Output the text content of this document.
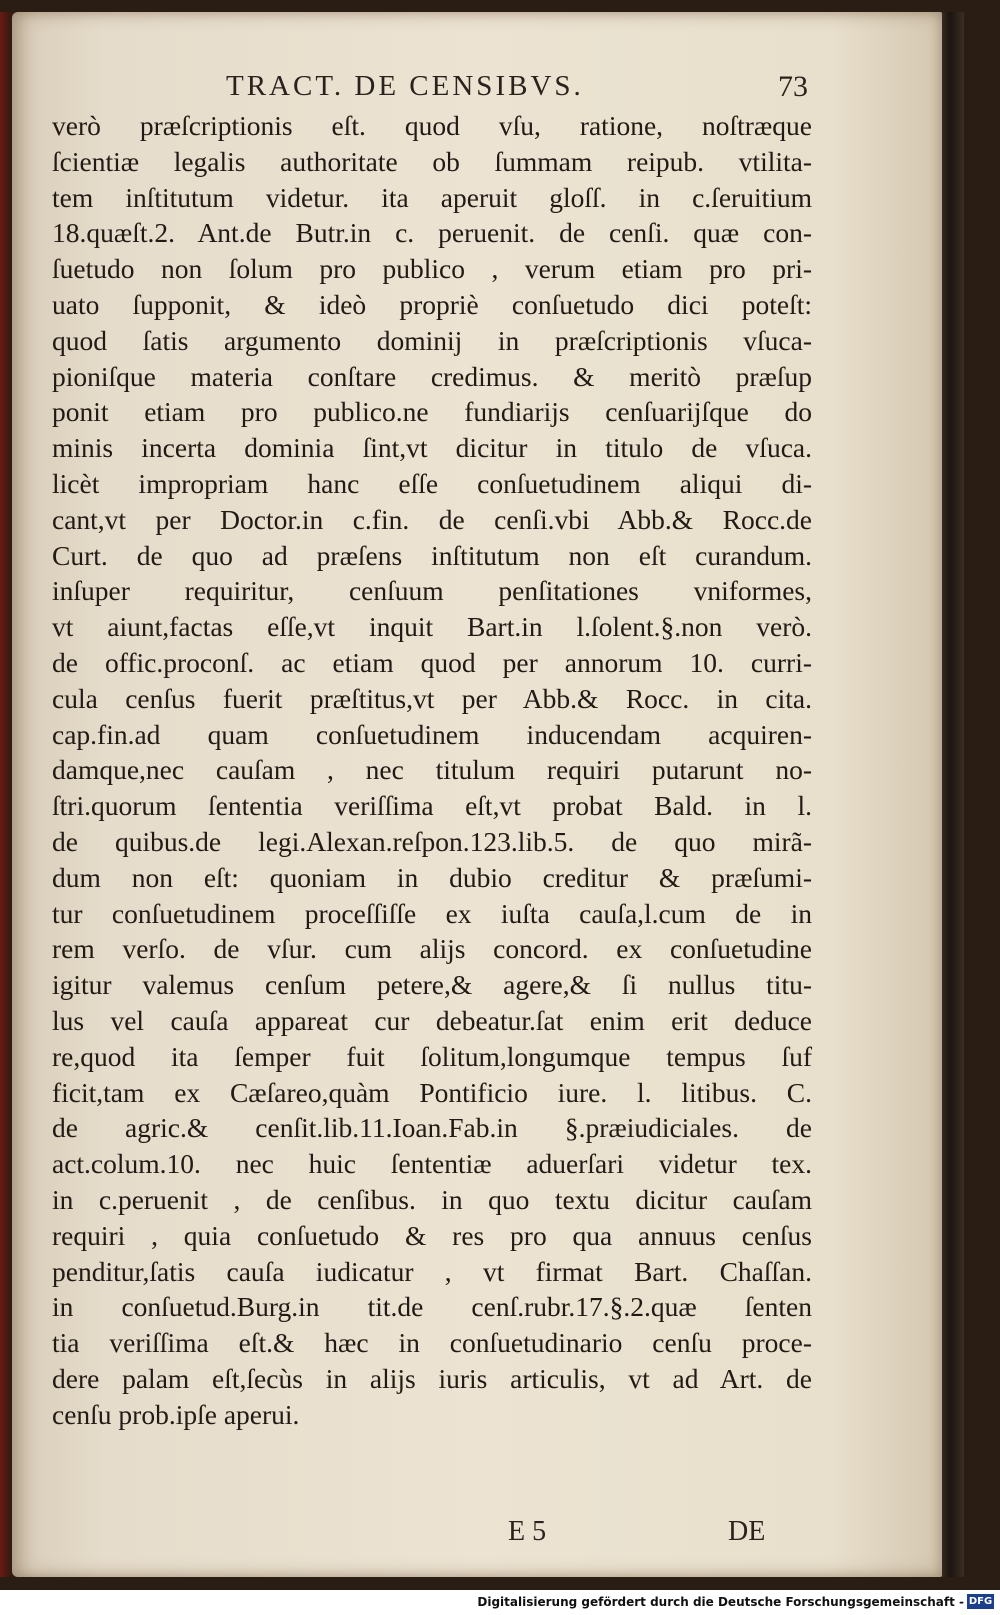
TRACT. DE CENSIBVS.	73
verò præſcriptionis eſt. quod vſu, ratione, noſtræque
ſcientiæ legalis authoritate ob ſummam reipub. vtilita-
tem inſtitutum videtur. ita aperuit gloſſ. in c.ſeruitium
18.quæſt.2. Ant.de Butr.in c. peruenit. de cenſi. quæ con-
ſuetudo non ſolum pro publico , verum etiam pro pri-
uato ſupponit, & ideò propriè conſuetudo dici poteſt:
quod ſatis argumento dominij in præſcriptionis vſuca-
pioniſque materia conſtare credimus. & meritò præſup
ponit etiam pro publico.ne fundiarijs cenſuarijſque do
minis incerta dominia ſint,vt dicitur in titulo de vſuca.
licèt impropriam hanc eſſe conſuetudinem aliqui di-
cant,vt per Doctor.in c.fin. de cenſi.vbi Abb.& Rocc.de
Curt. de quo ad præſens inſtitutum non eſt curandum.
inſuper requiritur, cenſuum penſitationes vniformes,
vt aiunt,factas eſſe,vt inquit Bart.in l.ſolent.§.non verò.
de offic.proconſ. ac etiam quod per annorum 10. curri-
cula cenſus fuerit præſtitus,vt per Abb.& Rocc. in cita.
cap.fin.ad quam conſuetudinem inducendam acquiren-
damque,nec cauſam , nec titulum requiri putarunt no-
ſtri.quorum ſententia veriſſima eſt,vt probat Bald. in l.
de quibus.de legi.Alexan.reſpon.123.lib.5. de quo mirã-
dum non eſt: quoniam in dubio creditur & præſumi-
tur conſuetudinem proceſſiſſe ex iuſta cauſa,l.cum de in
rem verſo. de vſur. cum alijs concord. ex conſuetudine
igitur valemus cenſum petere,& agere,& ſi nullus titu-
lus vel cauſa appareat cur debeatur.ſat enim erit deduce
re,quod ita ſemper fuit ſolitum,longumque tempus ſuf
ficit,tam ex Cæſareo,quàm Pontificio iure. l. litibus. C.
de agric.& cenſit.lib.11.Ioan.Fab.in §.præiudiciales. de
act.colum.10. nec huic ſententiæ aduerſari videtur tex.
in c.peruenit , de cenſibus. in quo textu dicitur cauſam
requiri , quia conſuetudo & res pro qua annuus cenſus
penditur,ſatis cauſa iudicatur , vt firmat Bart. Chaſſan.
in conſuetud.Burg.in tit.de cenſ.rubr.17.§.2.quæ ſenten
tia veriſſima eſt.& hæc in conſuetudinario cenſu proce-
dere palam eſt,ſecùs in alijs iuris articulis, vt ad Art. de
cenſu prob.ipſe aperui.
E 5	DE
Digitalisierung gefördert durch die Deutsche Forschungsgemeinschaft - DFG
